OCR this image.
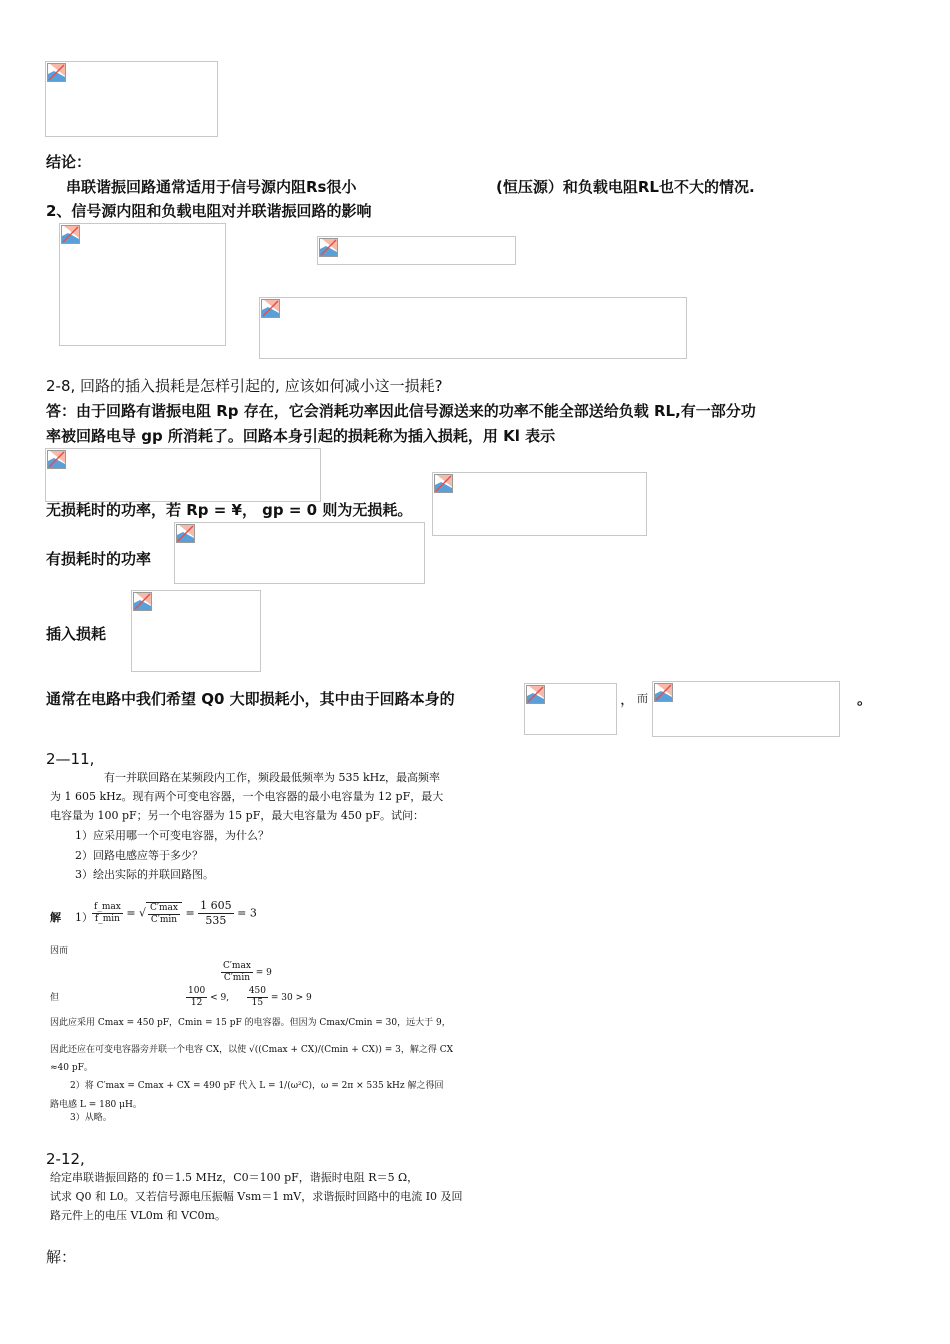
结论：
串联谐振回路通常适用于信号源内阻Rs很小	(恒压源）和负载电阻RL也不大的情况.
2、信号源内阻和负载电阻对并联谐振回路的影响
2-8, 回路的插入损耗是怎样引起的, 应该如何减小这一损耗?
答：由于回路有谐振电阻 Rp 存在，它会消耗功率因此信号源送来的功率不能全部送给负载 RL,有一部分功
率被回路电导 gp 所消耗了。回路本身引起的损耗称为插入损耗，用 Kl 表示
无损耗时的功率，若 Rp = ¥， gp = 0 则为无损耗。
有损耗时的功率
插入损耗
通常在电路中我们希望 Q0 大即损耗小，其中由于回路本身的	， 而	。
2—11,
有一并联回路在某频段内工作，频段最低频率为 535 kHz，最高频率
为 1 605 kHz。现有两个可变电容器，一个电容器的最小电容量为 12 pF，最大
电容量为 100 pF；另一个电容器为 15 pF，最大电容量为 450 pF。试问：
1）应采用哪一个可变电容器，为什么？
2）回路电感应等于多少？
3）绘出实际的并联回路图。
解 $1) \frac{f\_\max}{f\_\min}$ = √ $\frac{C'\max}{C'\min} = \frac{1 605}{535} = 3$
因而
$\frac{C'\max}{C'\min} = 9$
但	$\frac{100}{12} < 9$, $\frac{450}{15} = 30 > 9$
因此应采用 Cmax = 450 pF，Cmin = 15 pF 的电容器。但因为 Cmax/Cmin = 30，远大于 9，
因此还应在可变电容器旁并联一个电容 CX，以使 √((Cmax + CX)/(Cmin + CX)) = 3，解之得 CX
≈40 pF。
2）将 C′max = Cmax + CX = 490 pF 代入 L = 1/(ω²C)，ω = 2π × 535 kHz 解之得回
路电感 L = 180 μH。
3）从略。
2-12,
给定串联谐振回路的 f0＝1.5 MHz，C0＝100 pF，谐振时电阻 R＝5 Ω，
试求 Q0 和 L0。又若信号源电压振幅 Vsm＝1 mV，求谐振时回路中的电流 I0 及回
路元件上的电压 VL0m 和 VC0m。
解：
